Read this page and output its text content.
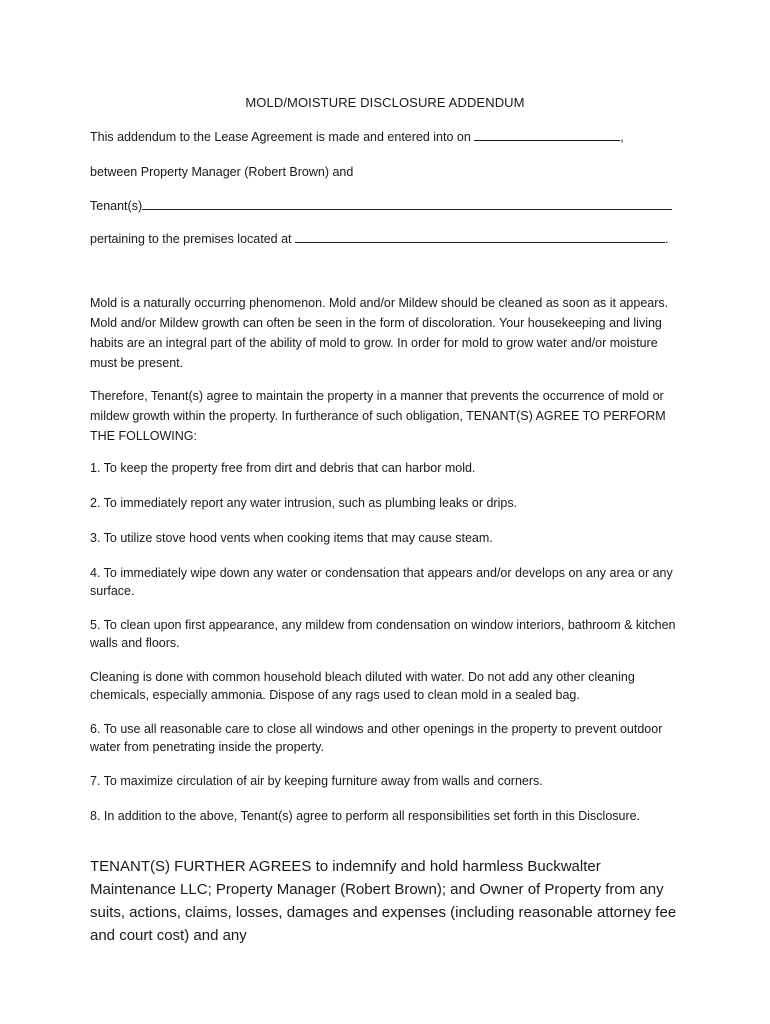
MOLD/MOISTURE DISCLOSURE ADDENDUM
This addendum to the Lease Agreement is made and entered into on	,
between Property Manager (Robert Brown) and
Tenant(s)
pertaining to the premises located at	.
Mold is a naturally occurring phenomenon. Mold and/or Mildew should be cleaned as soon as it appears. Mold and/or Mildew growth can often be seen in the form of discoloration. Your housekeeping and living habits are an integral part of the ability of mold to grow. In order for mold to grow water and/or moisture must be present.
Therefore, Tenant(s) agree to maintain the property in a manner that prevents the occurrence of mold or mildew growth within the property. In furtherance of such obligation, TENANT(S) AGREE TO PERFORM THE FOLLOWING:
1. To keep the property free from dirt and debris that can harbor mold.
2. To immediately report any water intrusion, such as plumbing leaks or drips.
3. To utilize stove hood vents when cooking items that may cause steam.
4. To immediately wipe down any water or condensation that appears and/or develops on any area or any surface.
5. To clean upon first appearance, any mildew from condensation on window interiors, bathroom & kitchen walls and floors.
Cleaning is done with common household bleach diluted with water. Do not add any other cleaning chemicals, especially ammonia. Dispose of any rags used to clean mold in a sealed bag.
6. To use all reasonable care to close all windows and other openings in the property to prevent outdoor water from penetrating inside the property.
7. To maximize circulation of air by keeping furniture away from walls and corners.
8. In addition to the above, Tenant(s) agree to perform all responsibilities set forth in this Disclosure.
TENANT(S) FURTHER AGREES to indemnify and hold harmless Buckwalter Maintenance LLC; Property Manager (Robert Brown); and Owner of Property from any suits, actions, claims, losses, damages and expenses (including reasonable attorney fee and court cost) and any
